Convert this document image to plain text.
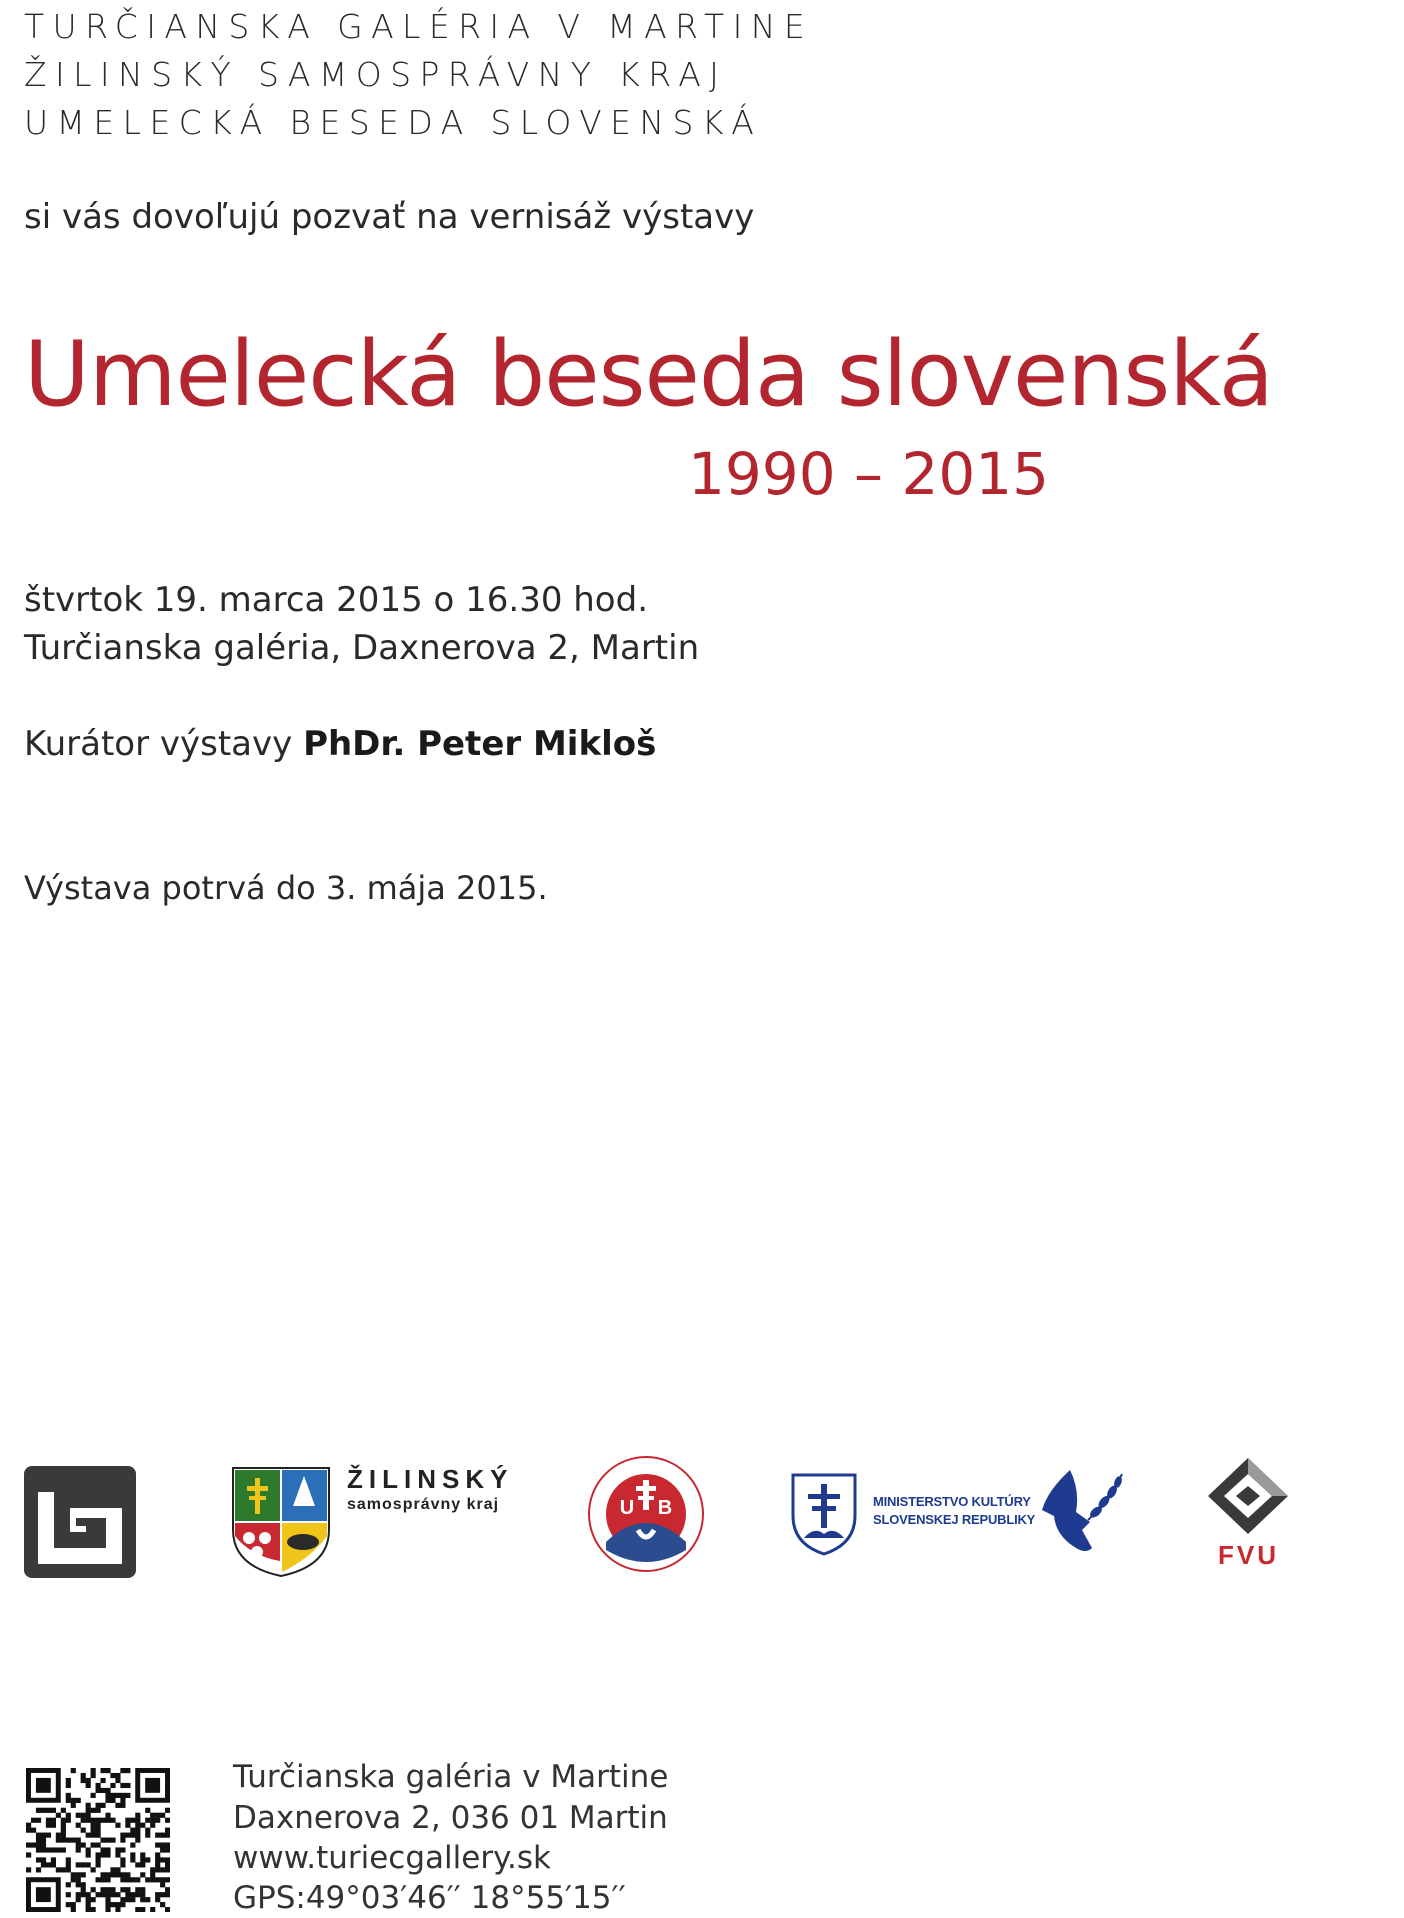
TURČIANSKA GALÉRIA V MARTINE
ŽILINSKÝ SAMOSPRÁVNY KRAJ
UMELECKÁ BESEDA SLOVENSKÁ
si vás dovoľujú pozvať na vernisáž výstavy
Umelecká beseda slovenská
1990 – 2015
štvrtok 19. marca 2015 o 16.30 hod.
Turčianska galéria, Daxnerova 2, Martin
Kurátor výstavy PhDr. Peter Mikloš
Výstava potrvá do 3. mája 2015.
ŽILINSKÝ
samosprávny kraj	U B	MINISTERSTVO KULTÚRY
SLOVENSKEJ REPUBLIKY
FVU
Turčianska galéria v Martine
Daxnerova 2, 036 01 Martin
www.turiecgallery.sk
GPS:49°03′46′′ 18°55′15′′
